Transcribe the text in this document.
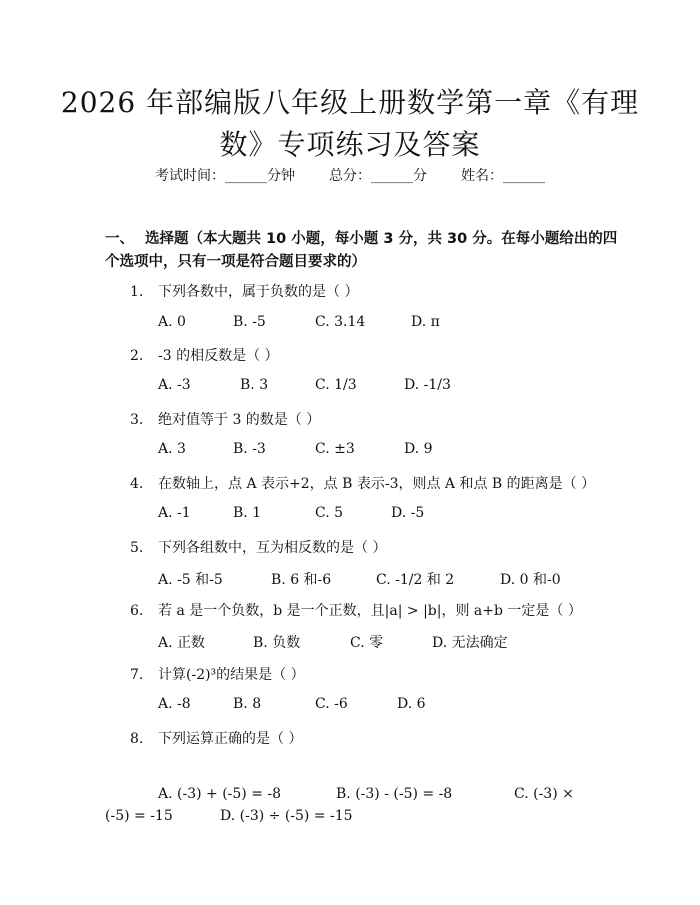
2026 年部编版八年级上册数学第一章《有理
数》专项练习及答案
考试时间：______分钟 总分：______分 姓名：______
一、 选择题（本大题共 10 小题，每小题 3 分，共 30 分。在每小题给出的四个选项中，只有一项是符合题目要求的）
1. 下列各数中，属于负数的是（ ）
A. 0	B. -5	C. 3.14	D. π
2. -3 的相反数是（ ）
A. -3	B. 3	C. 1/3	D. -1/3
3. 绝对值等于 3 的数是（ ）
A. 3	B. -3	C. ±3	D. 9
4. 在数轴上，点 A 表示+2，点 B 表示-3，则点 A 和点 B 的距离是（ ）
A. -1	B. 1	C. 5	D. -5
5. 下列各组数中，互为相反数的是（ ）
A. -5 和-5	B. 6 和-6	C. -1/2 和 2	D. 0 和-0
6. 若 a 是一个负数，b 是一个正数，且|a| > |b|，则 a+b 一定是（ ）
A. 正数	B. 负数	C. 零	D. 无法确定
7. 计算(-2)³的结果是（ ）
A. -8	B. 8	C. -6	D. 6
8. 下列运算正确的是（ ）
A. (-3) + (-5) = -8	B. (-3) - (-5) = -8	C. (-3) ×
(-5) = -15	D. (-3) ÷ (-5) = -15
